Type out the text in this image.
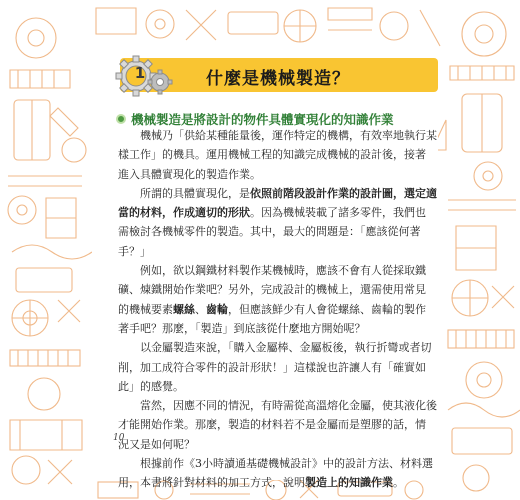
1	什麼是機械製造？
機械製造是將設計的物件具體實現化的知識作業
機械乃「供給某種能量後，運作特定的機構，有效率地執行某
樣工作」的機具。運用機械工程的知識完成機械的設計後，接著
進入具體實現化的製造作業。
所謂的具體實現化，是依照前階段設計作業的設計圖，選定適
當的材料，作成適切的形狀。因為機械裝載了諸多零件，我們也
需檢討各機械零件的製造。其中，最大的問題是：「應該從何著
手？」
例如，欲以鋼鐵材料製作某機械時，應該不會有人從採取鐵
礦、煉鐵開始作業吧？另外，完成設計的機械上，還需使用常見
的機械要素螺絲、齒輪，但應該鮮少有人會從螺絲、齒輪的製作
著手吧？那麼，「製造」到底該從什麼地方開始呢？
以金屬製造來說，「購入金屬棒、金屬板後，執行折彎或者切
削，加工成符合零件的設計形狀！」這樣說也許讓人有「確實如
此」的感覺。
當然，因應不同的情況，有時需從高溫熔化金屬，使其液化後
才能開始作業。那麼，製造的材料若不是金屬而是塑膠的話，情
況又是如何呢？
根據前作《3小時讀通基礎機械設計》中的設計方法、材料選
用，本書將針對材料的加工方式，說明製造上的知識作業。
10
